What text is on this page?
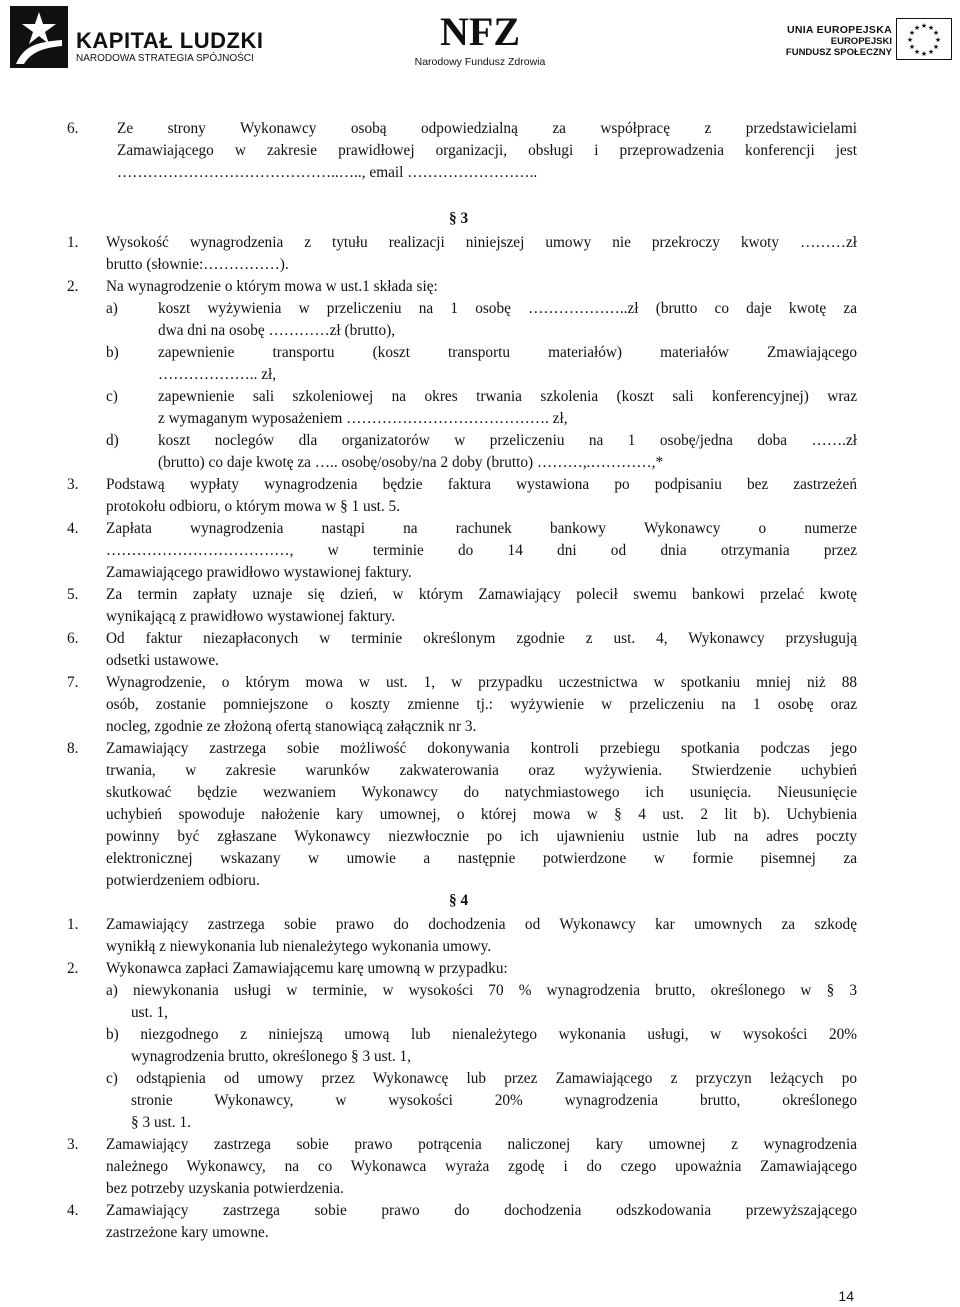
KAPITAŁ LUDZKI
NARODOWA STRATEGIA SPÓJNOŚCI
NFZ
Narodowy Fundusz Zdrowia
UNIA EUROPEJSKA
EUROPEJSKI
FUNDUSZ SPOŁECZNY
★ ★
★
★
★
★
★
★
★
★
★
★
6.	Ze strony Wykonawcy osobą odpowiedzialną za współpracę z przedstawicielami
Zamawiającego w zakresie prawidłowej organizacji, obsługi i przeprowadzenia konferencji jest
……………………………………..….., email ……………………..
§ 3
1. Wysokość wynagrodzenia z tytułu realizacji niniejszej umowy nie przekroczy kwoty ………zł
brutto (słownie:……………).
2. Na wynagrodzenie o którym mowa w ust.1 składa się:
a)	koszt wyżywienia w przeliczeniu na 1 osobę ………………..zł (brutto co daje kwotę za
dwa dni na osobę …………zł (brutto),
b)	zapewnienie transportu (koszt transportu materiałów) materiałów Zmawiającego
……………….. zł,
c)	zapewnienie sali szkoleniowej na okres trwania szkolenia (koszt sali konferencyjnej) wraz
z wymaganym wyposażeniem …………………………………. zł,
d)	koszt noclegów dla organizatorów w przeliczeniu na 1 osobę/jedna doba …….zł
(brutto) co daje kwotę za ….. osobę/osoby/na 2 doby (brutto) ………,.…………,*
3. Podstawą wypłaty wynagrodzenia będzie faktura wystawiona po podpisaniu bez zastrzeżeń
protokołu odbioru, o którym mowa w § 1 ust. 5.
4. Zapłata wynagrodzenia nastąpi na rachunek bankowy Wykonawcy o numerze
………………………………, w terminie do 14 dni od dnia otrzymania przez
Zamawiającego prawidłowo wystawionej faktury.
5. Za termin zapłaty uznaje się dzień, w którym Zamawiający polecił swemu bankowi przelać kwotę
wynikającą z prawidłowo wystawionej faktury.
6. Od faktur niezapłaconych w terminie określonym zgodnie z ust. 4, Wykonawcy przysługują
odsetki ustawowe.
7. Wynagrodzenie, o którym mowa w ust. 1, w przypadku uczestnictwa w spotkaniu mniej niż 88
osób, zostanie pomniejszone o koszty zmienne tj.: wyżywienie w przeliczeniu na 1 osobę oraz
nocleg, zgodnie ze złożoną ofertą stanowiącą załącznik nr 3.
8. Zamawiający zastrzega sobie możliwość dokonywania kontroli przebiegu spotkania podczas jego
trwania, w zakresie warunków zakwaterowania oraz wyżywienia. Stwierdzenie uchybień
skutkować będzie wezwaniem Wykonawcy do natychmiastowego ich usunięcia. Nieusunięcie
uchybień spowoduje nałożenie kary umownej, o której mowa w § 4 ust. 2 lit b). Uchybienia
powinny być zgłaszane Wykonawcy niezwłocznie po ich ujawnieniu ustnie lub na adres poczty
elektronicznej wskazany w umowie a następnie potwierdzone w formie pisemnej za
potwierdzeniem odbioru.
§ 4
1. Zamawiający zastrzega sobie prawo do dochodzenia od Wykonawcy kar umownych za szkodę
wynikłą z niewykonania lub nienależytego wykonania umowy.
2. Wykonawca zapłaci Zamawiającemu karę umowną w przypadku:
a) niewykonania usługi w terminie, w wysokości 70 % wynagrodzenia brutto, określonego w § 3
ust. 1,
b) niezgodnego z niniejszą umową lub nienależytego wykonania usługi, w wysokości 20%
wynagrodzenia brutto, określonego § 3 ust. 1,
c) odstąpienia od umowy przez Wykonawcę lub przez Zamawiającego z przyczyn leżących po
stronie Wykonawcy, w wysokości 20% wynagrodzenia brutto, określonego
§ 3 ust. 1.
3. Zamawiający zastrzega sobie prawo potrącenia naliczonej kary umownej z wynagrodzenia
należnego Wykonawcy, na co Wykonawca wyraża zgodę i do czego upoważnia Zamawiającego
bez potrzeby uzyskania potwierdzenia.
4. Zamawiający zastrzega sobie prawo do dochodzenia odszkodowania przewyższającego
zastrzeżone kary umowne.
14
